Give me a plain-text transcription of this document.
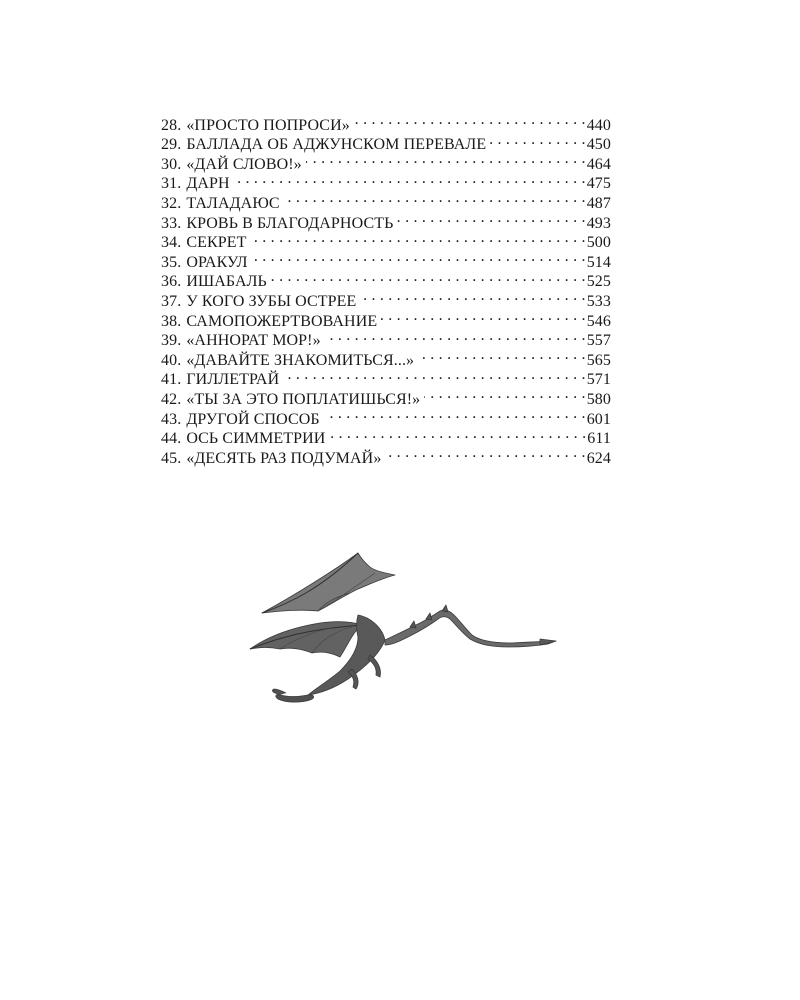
28. «ПРОСТО ПОПРОСИ» . . .	440
29. БАЛЛАДА ОБ АДЖУНСКОМ ПЕРЕВАЛЕ . . .	450
30. «ДАЙ СЛОВО!» . . .	464
31. ДАРН . . .	475
32. ТАЛАДАЮС . . .	487
33. КРОВЬ В БЛАГОДАРНОСТЬ . . .	493
34. СЕКРЕТ . . .	500
35. ОРАКУЛ . . .	514
36. ИШАБАЛЬ . . .	525
37. У КОГО ЗУБЫ ОСТРЕЕ . . .	533
38. САМОПОЖЕРТВОВАНИЕ . . .	546
39. «АННОРАТ МОР!» . . .	557
40. «ДАВАЙТЕ ЗНАКОМИТЬСЯ...» . . .	565
41. ГИЛЛЕТРАЙ . . .	571
42. «ТЫ ЗА ЭТО ПОПЛАТИШЬСЯ!» . . .	580
43. ДРУГОЙ СПОСОБ . . .	601
44. ОСЬ СИММЕТРИИ . . .	611
45. «ДЕСЯТЬ РАЗ ПОДУМАЙ» . . .	624
